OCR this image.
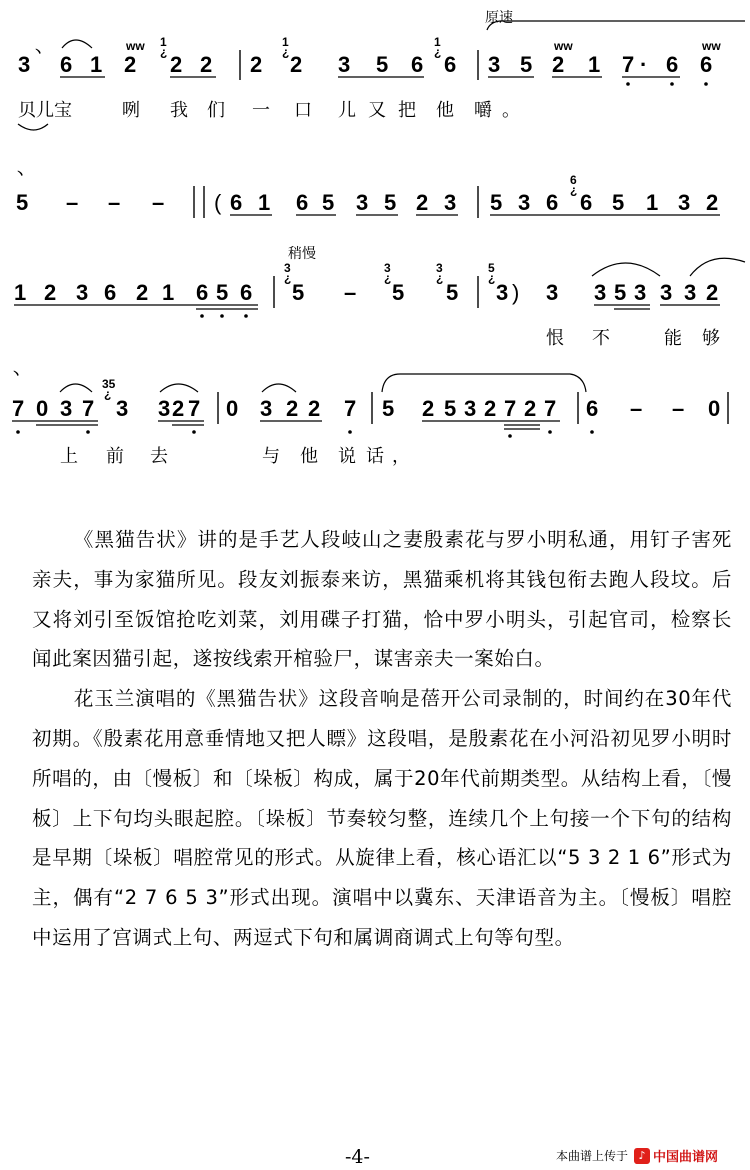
原速
3 丶 6 1 2
ww 1
¿ 2 2 2
1
¿ 2 3 5 6
1
¿ 6 3 5 2
ww
1 7 · 6 6
ww
贝儿宝	咧 我 们 一 口 儿 又 把 他 嚼 。
丶
5 – – – ( 6 1 6 5 3 5 2 3 5 3 6
6
¿ 6 5 1 3 2
稍慢
1 2 3 6 2 1 6 5 6
3
¿
5 –
3
¿
5
3
¿
5
5
¿
3 ) 3 3 5 3 3 3 2
恨 不	能 够
丶
7 0 3 7
35
¿
3 3 2 7 0 3 2 2 7 5 2 5 3 2 7 2 7 6 – – 0
上 前 去	与 他 说 话 ，

《黑猫告状》讲的是手艺人段岐山之妻殷素花与罗小明私通，用钉子害死亲夫，事为家猫所见。段友刘振泰来访，黑猫乘机将其钱包衔去跑人段坟。后又将刘引至饭馆抢吃刘菜，刘用碟子打猫，恰中罗小明头，引起官司，检察长闻此案因猫引起，遂按线索开棺验尸，谋害亲夫一案始白。

花玉兰演唱的《黑猫告状》这段音响是蓓开公司录制的，时间约在30年代初期。《殷素花用意垂情地又把人瞟》这段唱，是殷素花在小河沿初见罗小明时所唱的，由〔慢板〕和〔垛板〕构成，属于20年代前期类型。从结构上看，〔慢板〕上下句均头眼起腔。〔垛板〕节奏较匀整，连续几个上句接一个下句的结构是早期〔垛板〕唱腔常见的形式。从旋律上看，核心语汇以“5 3 2 1 6”形式为主，偶有“2 7 6 5 3”形式出现。演唱中以冀东、天津语音为主。〔慢板〕唱腔中运用了宫调式上句、两逗式下句和属调商调式上句等句型。

-4-	本曲谱上传于 ♪ 中国曲谱网
